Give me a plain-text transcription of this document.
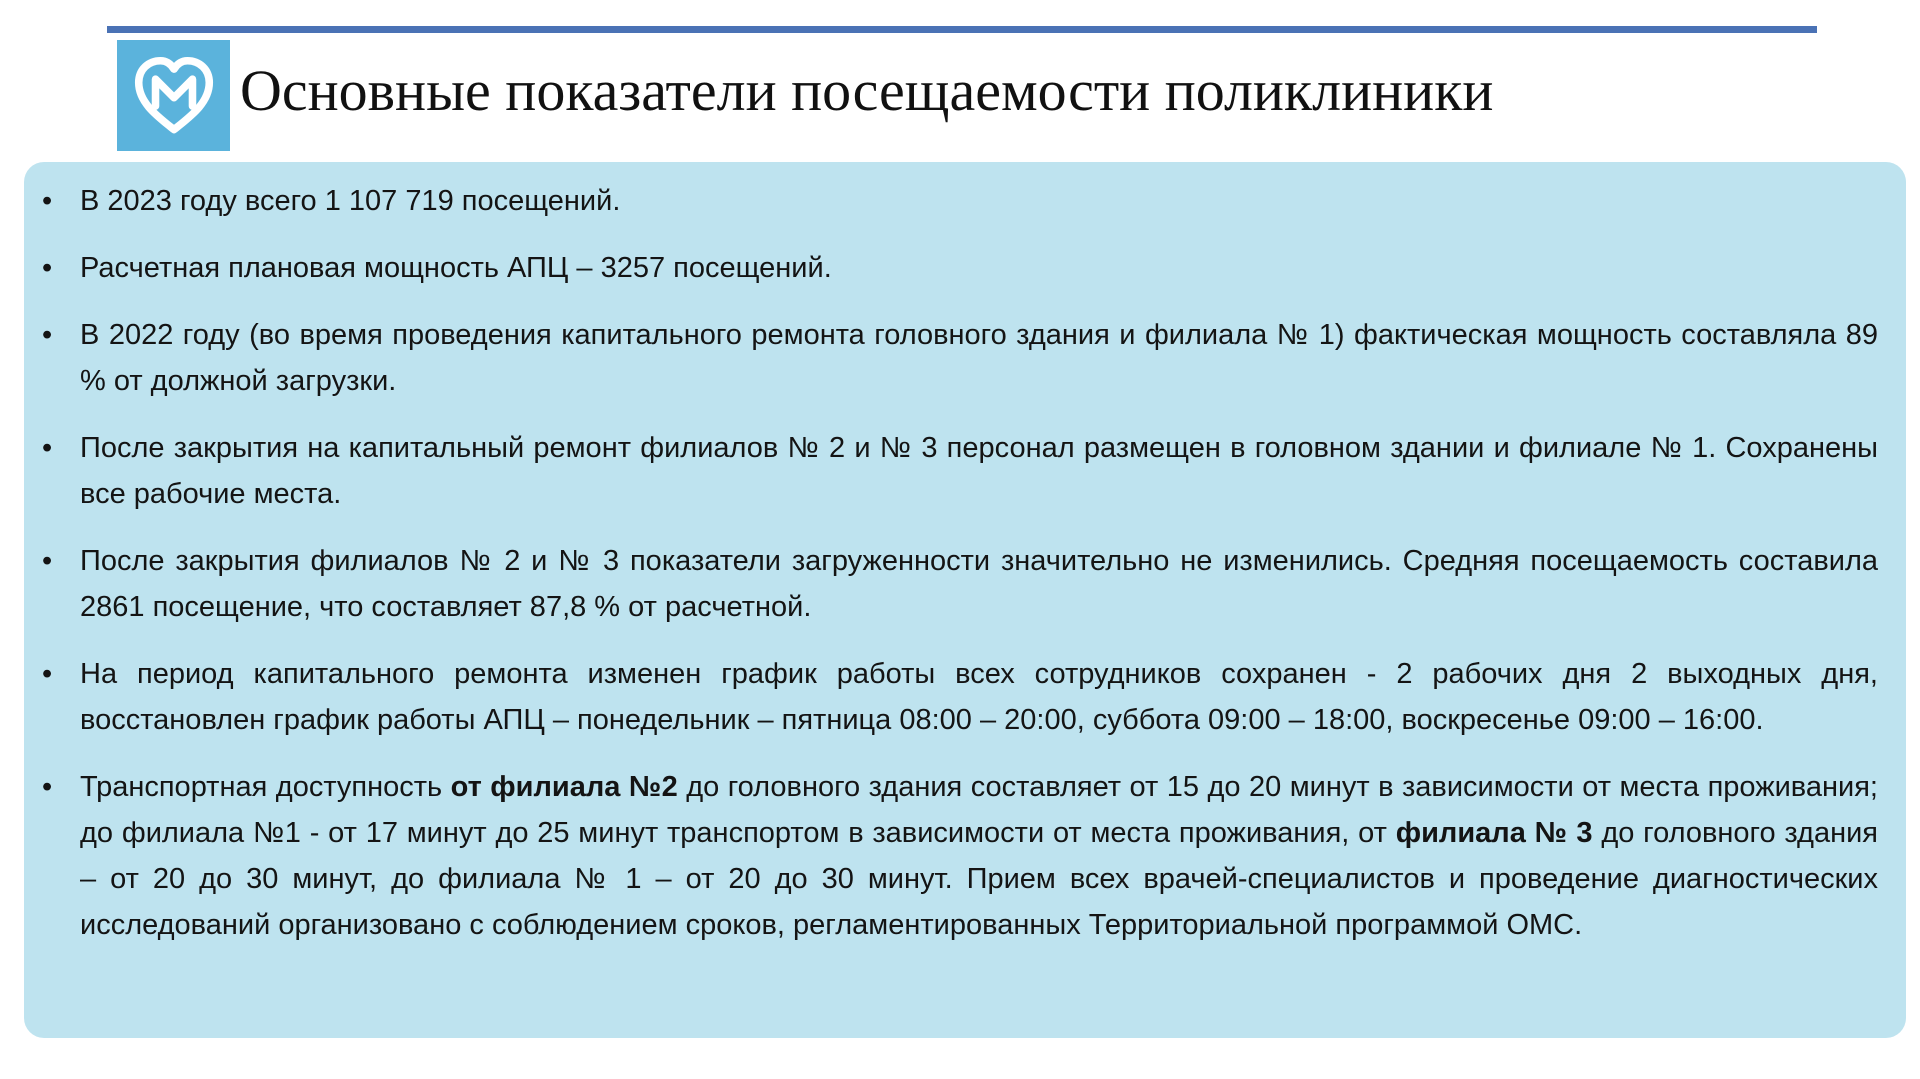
Основные показатели посещаемости поликлиники
• В 2023 году всего 1 107 719 посещений.
• Расчетная плановая мощность АПЦ – 3257 посещений.
• В 2022 году (во время проведения капитального ремонта головного здания и филиала № 1) фактическая мощность составляла 89 % от должной загрузки.
• После закрытия на капитальный ремонт филиалов № 2 и № 3 персонал размещен в головном здании и филиале № 1. Сохранены все рабочие места.
• После закрытия филиалов № 2 и № 3 показатели загруженности значительно не изменились. Средняя посещаемость составила 2861 посещение, что составляет 87,8 % от расчетной.
• На период капитального ремонта изменен график работы всех сотрудников сохранен - 2 рабочих дня 2 выходных дня, восстановлен график работы АПЦ – понедельник – пятница 08:00 – 20:00, суббота 09:00 – 18:00, воскресенье 09:00 – 16:00.
• Транспортная доступность от филиала №2 до головного здания составляет от 15 до 20 минут в зависимости от места проживания; до филиала №1 - от 17 минут до 25 минут транспортом в зависимости от места проживания, от филиала № 3 до головного здания – от 20 до 30 минут, до филиала № 1 – от 20 до 30 минут. Прием всех врачей-специалистов и проведение диагностических исследований организовано с соблюдением сроков, регламентированных Территориальной программой ОМС.
